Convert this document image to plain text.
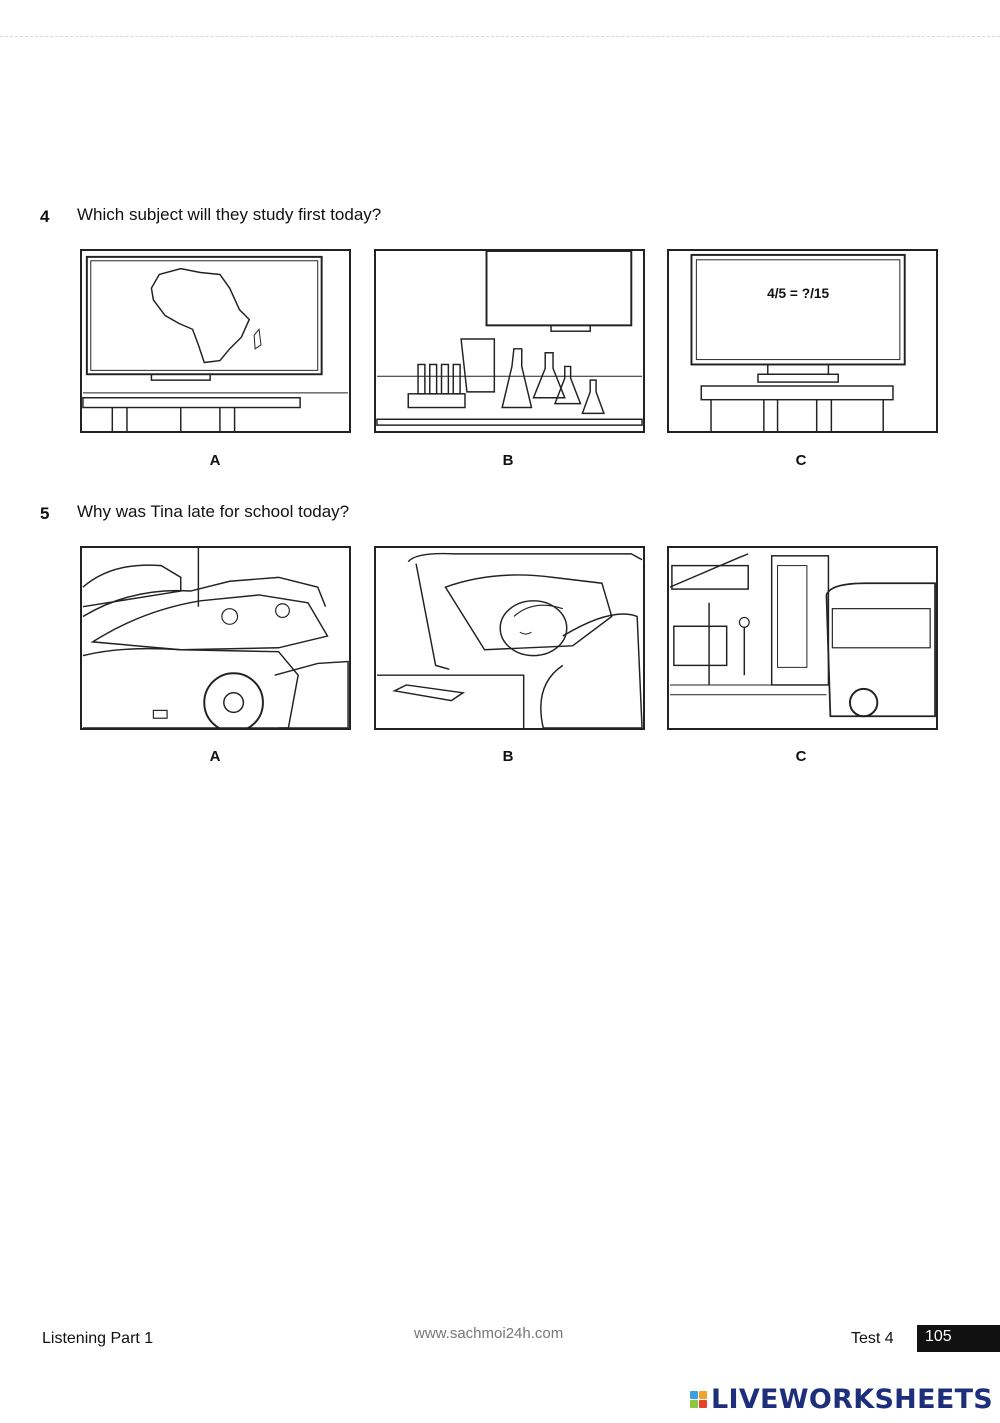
4 Which subject will they study first today?
A	B
4/5 = ?/15
C
5 Why was Tina late for school today?
A	B	C
Listening Part 1	www.sachmoi24h.com	Test 4	105
LIVEWORKSHEETS
